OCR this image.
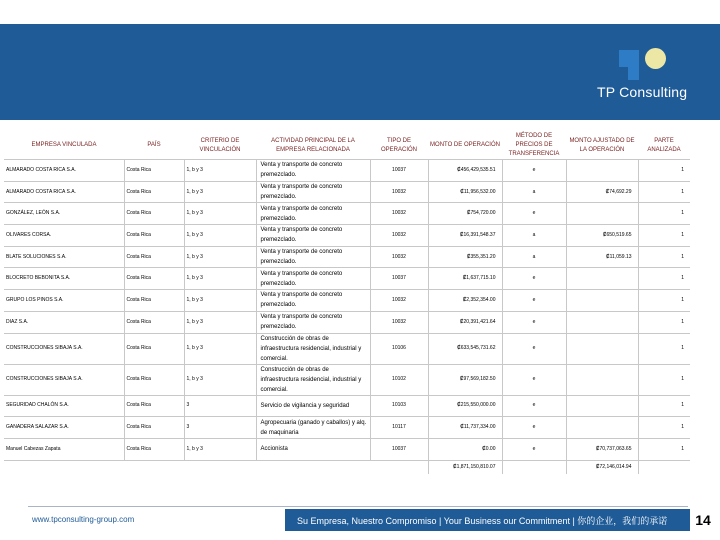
TP Consulting
EMPRESA VINCULADA	PAÍS	CRITERIO DE VINCULACIÓN	ACTIVIDAD PRINCIPAL DE LA EMPRESA RELACIONADA	TIPO DE OPERACIÓN	MONTO DE OPERACIÓN	MÉTODO DE PRECIOS DE TRANSFERENCIA	MONTO AJUSTADO DE LA OPERACIÓN	PARTE ANALIZADA
ALMARADO COSTA RICA S.A.	Costa Rica	1, b y 3	Venta y transporte de concreto premezclado.	10037	₡456,429,535.51	e		1
ALMARADO COSTA RICA S.A.	Costa Rica	1, b y 3	Venta y transporte de concreto premezclado.	10032	₡11,956,532.00	a	₡74,692.29	1
GONZÁLEZ, LEÓN S.A.	Costa Rica	1, b y 3	Venta y transporte de concreto premezclado.	10032	₡754,720.00	e		1
OLIVARES CORSA.	Costa Rica	1, b y 3	Venta y transporte de concreto premezclado.	10032	₡16,391,548.37	a	₡650,519.65	1
BLATE SOLUCIONES S.A.	Costa Rica	1, b y 3	Venta y transporte de concreto premezclado.	10032	₡355,351.20	a	₡11,059.13	1
BLOCRETO BEBONITA S.A.	Costa Rica	1, b y 3	Venta y transporte de concreto premezclado.	10037	₡1,637,715.10	e		1
GRUPO LOS PINOS S.A.	Costa Rica	1, b y 3	Venta y transporte de concreto premezclado.	10032	₡2,352,354.00	e		1
DIAZ S.A.	Costa Rica	1, b y 3	Venta y transporte de concreto premezclado.	10032	₡20,391,421.64	e		1
CONSTRUCCIONES SIBAJA S.A.	Costa Rica	1, b y 3	Construcción de obras de infraestructura residencial, industrial y comercial.	10106	₡633,545,731.62	e		1
CONSTRUCCIONES SIBAJA S.A.	Costa Rica	1, b y 3	Construcción de obras de infraestructura residencial, industrial y comercial.	10102	₡97,569,182.50	e		1
SEGURIDAD CHALÓN S.A.	Costa Rica	3	Servicio de vigilancia y seguridad	10103	₡215,550,000.00	e		1
GANADERA SALAZAR S.A.	Costa Rica	3	Agropecuaria (ganado y caballos) y alq. de maquinaria	10117	₡11,737,334.00	e		1
Manuel Cabezas Zapata	Costa Rica	1, b y 3	Accionista	10037	₡0.00	e	₡70,737,063.65	1
					₡1,871,150,810.07		₡72,146,014.94	
www.tpconsulting-group.com	Su Empresa, Nuestro Compromiso | Your Business our Commitment | 你的企业，我们的承诺	14
